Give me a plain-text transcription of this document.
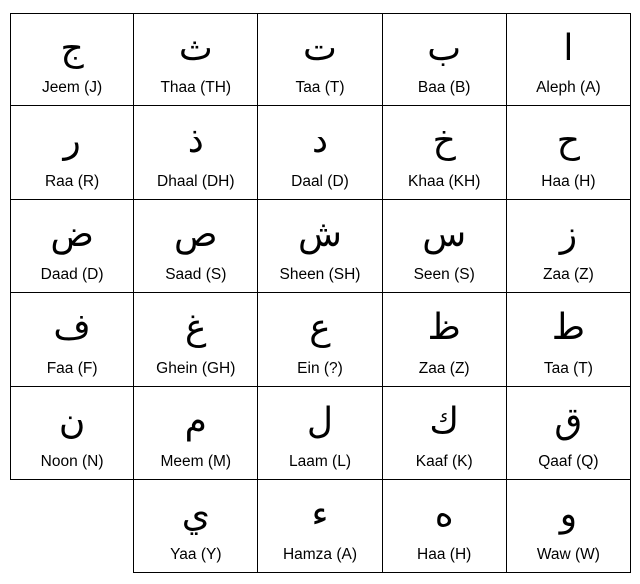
ج
Jeem (J)
ث
Thaa (TH)
ت
Taa (T)
ب
Baa (B)
ا
Aleph (A)
ر
Raa (R)
ذ
Dhaal (DH)
د
Daal (D)
خ
Khaa (KH)
ح
Haa (H)
ض
Daad (D)
ص
Saad (S)
ش
Sheen (SH)
س
Seen (S)
ز
Zaa (Z)
ف
Faa (F)
غ
Ghein (GH)
ع
Ein (?)
ظ
Zaa (Z)
ط
Taa (T)
ن
Noon (N)
م
Meem (M)
ل
Laam (L)
ك
Kaaf (K)
ق
Qaaf (Q)
ي
Yaa (Y)
ء
Hamza (A)
ه
Haa (H)
و
Waw (W)
